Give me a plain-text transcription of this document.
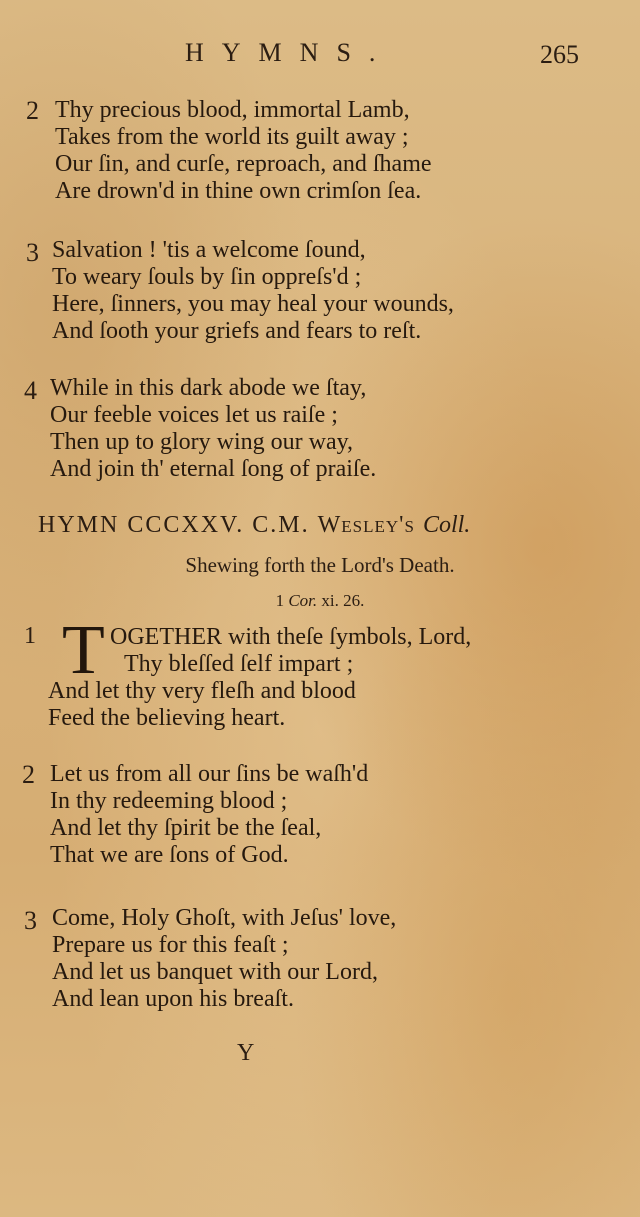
HYMNS.	265
2 Thy precious blood, immortal Lamb,
Takes from the world its guilt away ;
Our ſin, and curſe, reproach, and ſhame
Are drown'd in thine own crimſon ſea.
3 Salvation ! 'tis a welcome ſound,
To weary ſouls by ſin oppreſs'd ;
Here, ſinners, you may heal your wounds,
And ſooth your griefs and fears to reſt.
4 While in this dark abode we ſtay,
Our feeble voices let us raiſe ;
Then up to glory wing our way,
And join th' eternal ſong of praiſe.
HYMN CCCXXV. C.M. Wesley's Coll.
Shewing forth the Lord's Death.
1 Cor. xi. 26.
1 T OGETHER with theſe ſymbols, Lord,
Thy bleſſed ſelf impart ;
And let thy very fleſh and blood
Feed the believing heart.
2 Let us from all our ſins be waſh'd
In thy redeeming blood ;
And let thy ſpirit be the ſeal,
That we are ſons of God.
3 Come, Holy Ghoſt, with Jeſus' love,
Prepare us for this feaſt ;
And let us banquet with our Lord,
And lean upon his breaſt.
Y
